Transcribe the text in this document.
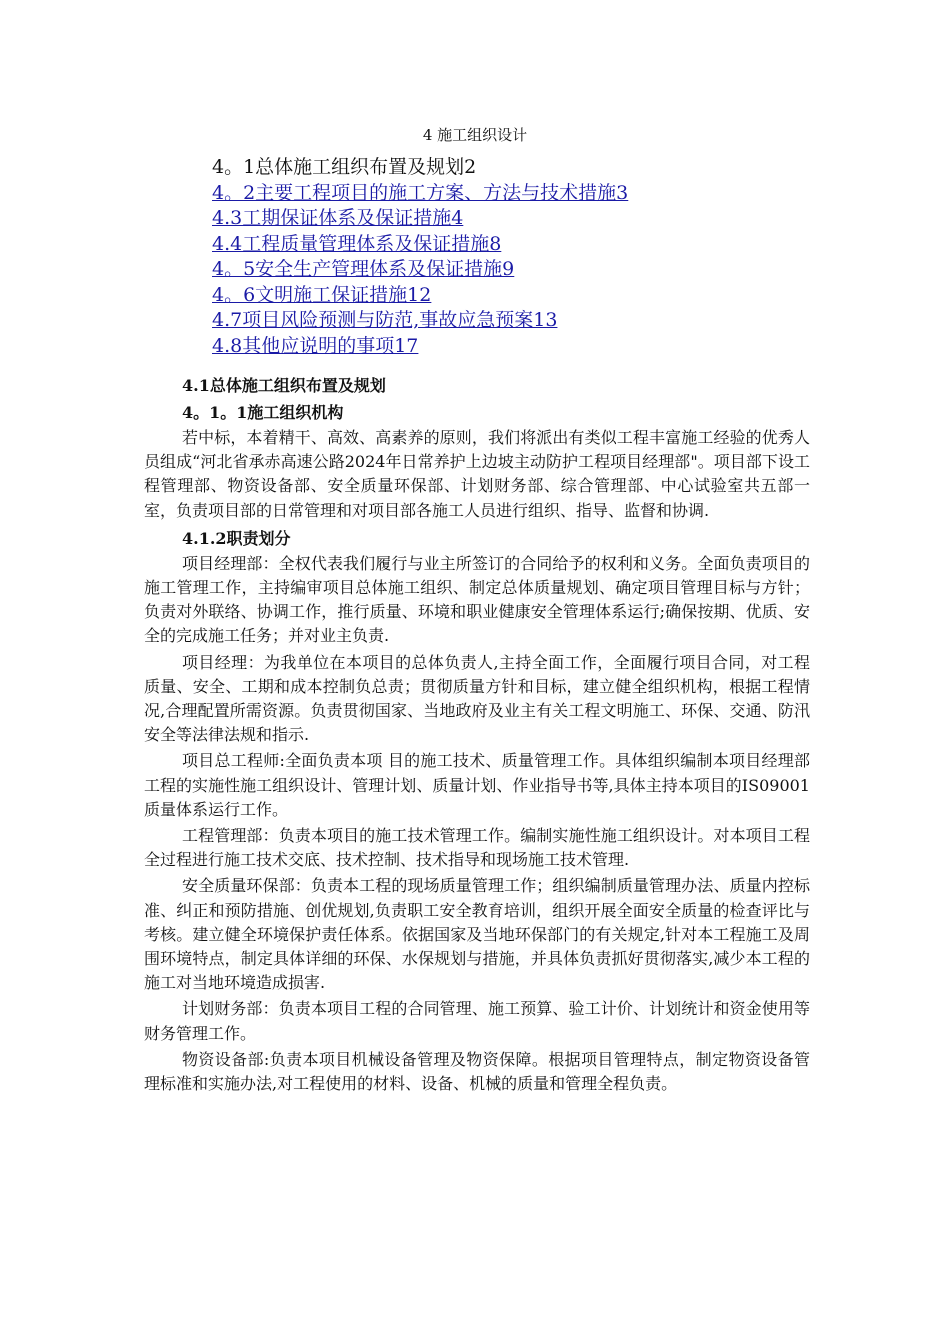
4 施工组织设计
4。1总体施工组织布置及规划2
4。2主要工程项目的施工方案、方法与技术措施3
4.3工期保证体系及保证措施4
4.4工程质量管理体系及保证措施8
4。5安全生产管理体系及保证措施9
4。6文明施工保证措施12
4.7项目风险预测与防范,事故应急预案13
4.8其他应说明的事项17
4.1总体施工组织布置及规划
4。1。1施工组织机构

若中标，本着精干、高效、高素养的原则，我们将派出有类似工程丰富施工经验的优秀人员组成“河北省承赤高速公路2024年日常养护上边坡主动防护工程项目经理部"。项目部下设工程管理部、物资设备部、安全质量环保部、计划财务部、综合管理部、中心试验室共五部一室，负责项目部的日常管理和对项目部各施工人员进行组织、指导、监督和协调.

4.1.2职责划分

项目经理部：全权代表我们履行与业主所签订的合同给予的权利和义务。全面负责项目的施工管理工作，主持编审项目总体施工组织、制定总体质量规划、确定项目管理目标与方针；负责对外联络、协调工作，推行质量、环境和职业健康安全管理体系运行;确保按期、优质、安全的完成施工任务；并对业主负责.

项目经理：为我单位在本项目的总体负责人,主持全面工作，全面履行项目合同，对工程质量、安全、工期和成本控制负总责；贯彻质量方针和目标，建立健全组织机构，根据工程情况,合理配置所需资源。负责贯彻国家、当地政府及业主有关工程文明施工、环保、交通、防汛安全等法律法规和指示.

项目总工程师:全面负责本项 目的施工技术、质量管理工作。具体组织编制本项目经理部工程的实施性施工组织设计、管理计划、质量计划、作业指导书等,具体主持本项目的IS09001质量体系运行工作。

工程管理部：负责本项目的施工技术管理工作。编制实施性施工组织设计。对本项目工程全过程进行施工技术交底、技术控制、技术指导和现场施工技术管理.

安全质量环保部：负责本工程的现场质量管理工作；组织编制质量管理办法、质量内控标准、纠正和预防措施、创优规划,负责职工安全教育培训，组织开展全面安全质量的检查评比与考核。建立健全环境保护责任体系。依据国家及当地环保部门的有关规定,针对本工程施工及周围环境特点，制定具体详细的环保、水保规划与措施，并具体负责抓好贯彻落实,减少本工程的施工对当地环境造成损害.

计划财务部：负责本项目工程的合同管理、施工预算、验工计价、计划统计和资金使用等财务管理工作。

物资设备部:负责本项目机械设备管理及物资保障。根据项目管理特点，制定物资设备管理标准和实施办法,对工程使用的材料、设备、机械的质量和管理全程负责。
